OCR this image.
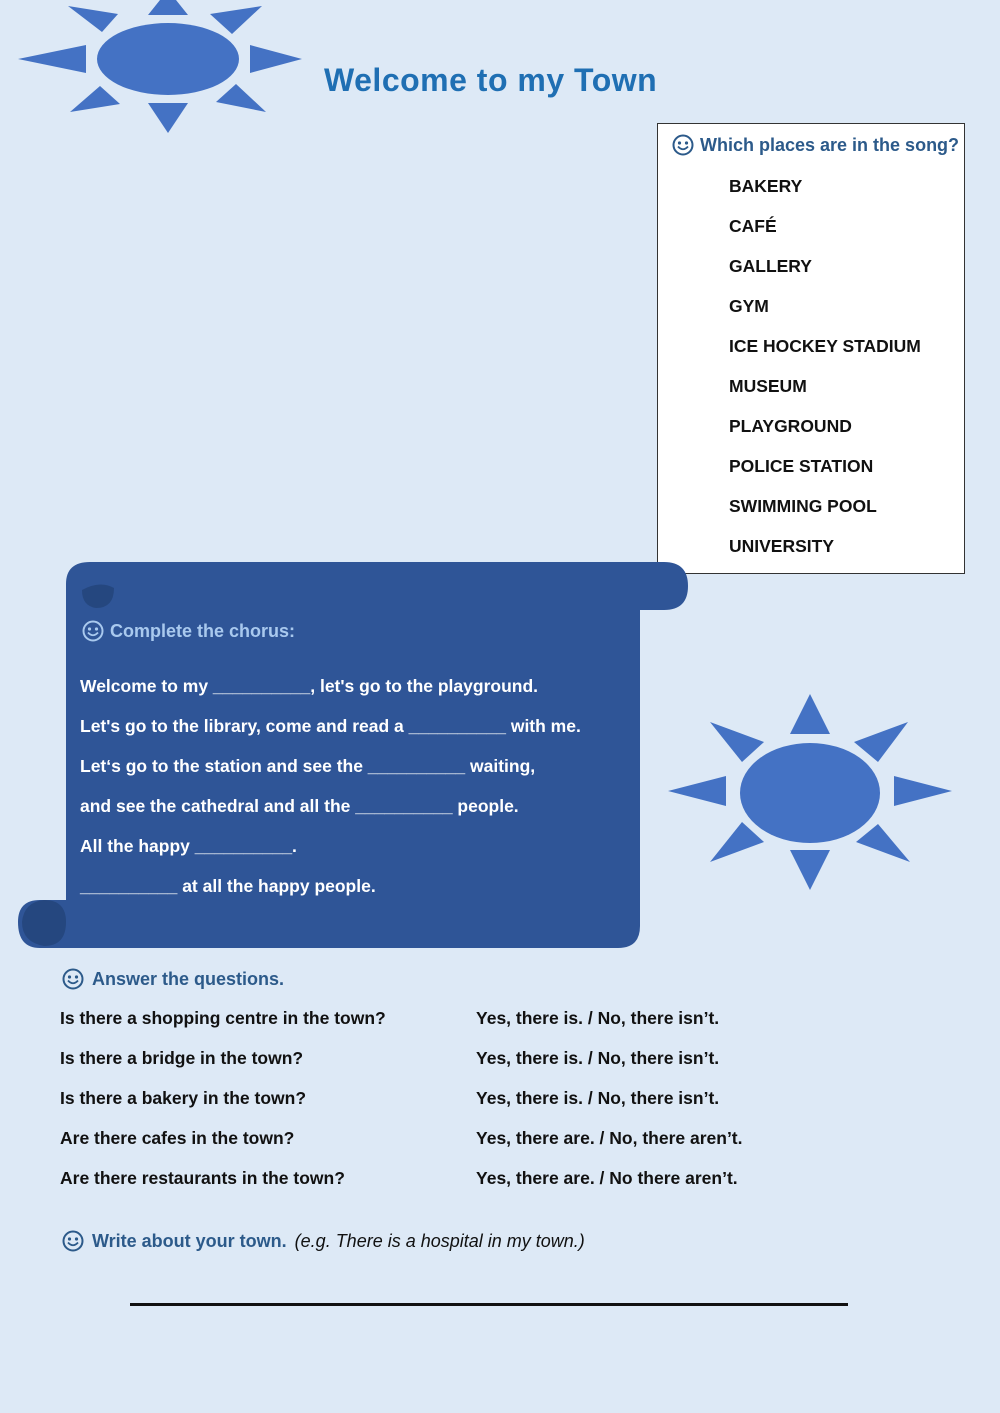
Welcome to my Town
Which places are in the song?
BAKERY
CAFÉ
GALLERY
GYM
ICE HOCKEY STADIUM
MUSEUM
PLAYGROUND
POLICE STATION
SWIMMING POOL
UNIVERSITY
Complete the chorus:
Welcome to my __________, let's go to the playground.
Let's go to the library, come and read a __________ with me.
Let‘s go to the station and see the __________ waiting,
and see the cathedral and all the __________ people.
All the happy __________.
__________ at all the happy people.
Answer the questions.
Is there a shopping centre in the town?	Yes, there is. / No, there isn’t.
Is there a bridge in the town?	Yes, there is. / No, there isn’t.
Is there a bakery in the town?	Yes, there is. / No, there isn’t.
Are there cafes in the town?	Yes, there are. / No, there aren’t.
Are there restaurants in the town?	Yes, there are. / No there aren’t.
Write about your town. (e.g. There is a hospital in my town.)
